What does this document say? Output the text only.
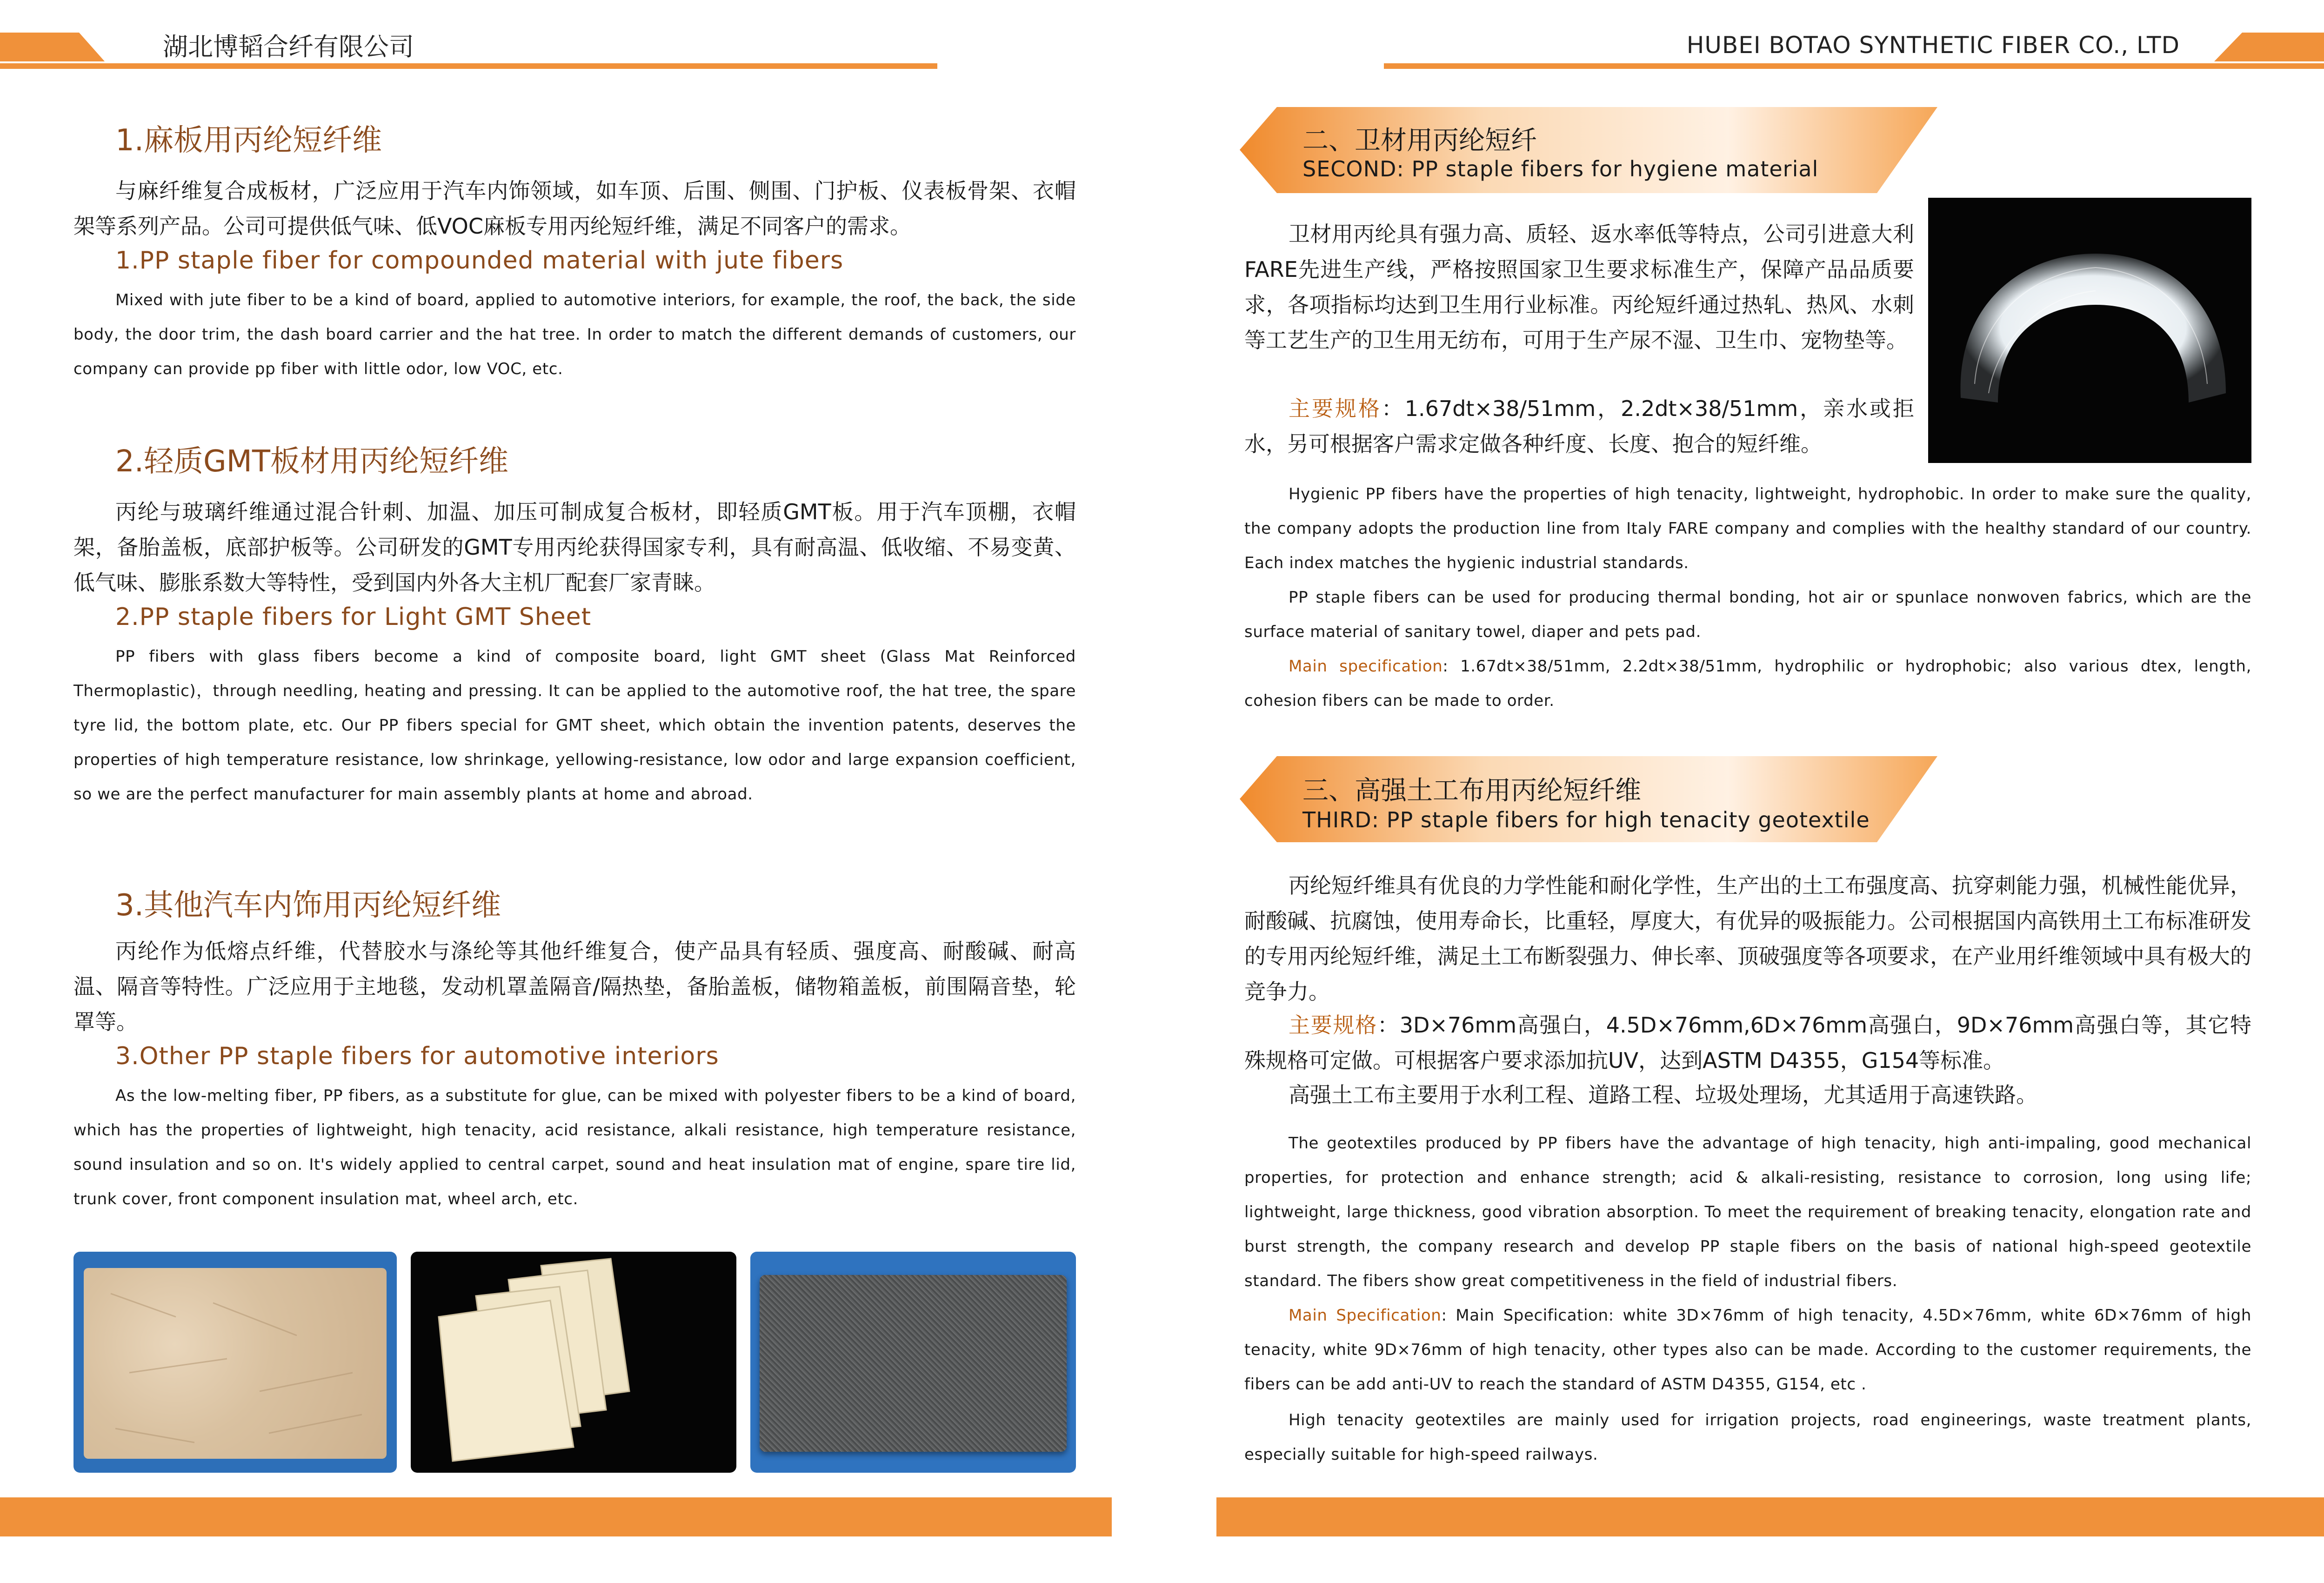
湖北博韬合纤有限公司	HUBEI BOTAO SYNTHETIC FIBER CO., LTD
1.麻板用丙纶短纤维
与麻纤维复合成板材，广泛应用于汽车内饰领域，如车顶、后围、侧围、门护板、仪表板骨架、衣帽架等系列产品。公司可提供低气味、低VOC麻板专用丙纶短纤维，满足不同客户的需求。
1.PP staple fiber for compounded material with jute fibers
Mixed with jute fiber to be a kind of board, applied to automotive interiors, for example, the roof, the back, the side body, the door trim, the dash board carrier and the hat tree. In order to match the different demands of customers, our company can provide pp fiber with little odor, low VOC, etc.
2.轻质GMT板材用丙纶短纤维
丙纶与玻璃纤维通过混合针刺、加温、加压可制成复合板材，即轻质GMT板。用于汽车顶棚，衣帽架，备胎盖板，底部护板等。公司研发的GMT专用丙纶获得国家专利，具有耐高温、低收缩、不易变黄、低气味、膨胀系数大等特性，受到国内外各大主机厂配套厂家青睐。
2.PP staple fibers for Light GMT Sheet
PP fibers with glass fibers become a kind of composite board, light GMT sheet (Glass Mat Reinforced Thermoplastic)，through needling, heating and pressing. It can be applied to the automotive roof, the hat tree, the spare tyre lid, the bottom plate, etc. Our PP fibers special for GMT sheet, which obtain the invention patents, deserves the properties of high temperature resistance, low shrinkage, yellowing-resistance, low odor and large expansion coefficient, so we are the perfect manufacturer for main assembly plants at home and abroad.
3.其他汽车内饰用丙纶短纤维
丙纶作为低熔点纤维，代替胶水与涤纶等其他纤维复合，使产品具有轻质、强度高、耐酸碱、耐高温、隔音等特性。广泛应用于主地毯，发动机罩盖隔音/隔热垫，备胎盖板，储物箱盖板，前围隔音垫，轮罩等。
3.Other PP staple fibers for automotive interiors
As the low-melting fiber, PP fibers, as a substitute for glue, can be mixed with polyester fibers to be a kind of board, which has the properties of lightweight, high tenacity, acid resistance, alkali resistance, high temperature resistance, sound insulation and so on. It's widely applied to central carpet, sound and heat insulation mat of engine, spare tire lid, trunk cover, front component insulation mat, wheel arch, etc.
二、卫材用丙纶短纤
SECOND: PP staple fibers for hygiene material
卫材用丙纶具有强力高、质轻、返水率低等特点，公司引进意大利FARE先进生产线，严格按照国家卫生要求标准生产，保障产品品质要求，各项指标均达到卫生用行业标准。丙纶短纤通过热轧、热风、水刺等工艺生产的卫生用无纺布，可用于生产尿不湿、卫生巾、宠物垫等。
主要规格：1.67dt×38/51mm，2.2dt×38/51mm，亲水或拒水，另可根据客户需求定做各种纤度、长度、抱合的短纤维。
Hygienic PP fibers have the properties of high tenacity, lightweight, hydrophobic. In order to make sure the quality, the company adopts the production line from Italy FARE company and complies with the healthy standard of our country. Each index matches the hygienic industrial standards.
PP staple fibers can be used for producing thermal bonding, hot air or spunlace nonwoven fabrics, which are the surface material of sanitary towel, diaper and pets pad.
Main specification: 1.67dt×38/51mm, 2.2dt×38/51mm, hydrophilic or hydrophobic; also various dtex, length, cohesion fibers can be made to order.
三、高强土工布用丙纶短纤维
THIRD: PP staple fibers for high tenacity geotextile
丙纶短纤维具有优良的力学性能和耐化学性，生产出的土工布强度高、抗穿刺能力强，机械性能优异，耐酸碱、抗腐蚀，使用寿命长，比重轻，厚度大，有优异的吸振能力。公司根据国内高铁用土工布标准研发的专用丙纶短纤维，满足土工布断裂强力、伸长率、顶破强度等各项要求，在产业用纤维领域中具有极大的竞争力。
主要规格：3D×76mm高强白，4.5D×76mm,6D×76mm高强白，9D×76mm高强白等，其它特殊规格可定做。可根据客户要求添加抗UV，达到ASTM D4355，G154等标准。
高强土工布主要用于水利工程、道路工程、垃圾处理场，尤其适用于高速铁路。
The geotextiles produced by PP fibers have the advantage of high tenacity, high anti-impaling, good mechanical properties, for protection and enhance strength; acid & alkali-resisting, resistance to corrosion, long using life; lightweight, large thickness, good vibration absorption. To meet the requirement of breaking tenacity, elongation rate and burst strength, the company research and develop PP staple fibers on the basis of national high-speed geotextile standard. The fibers show great competitiveness in the field of industrial fibers.
Main Specification: Main Specification: white 3D×76mm of high tenacity, 4.5D×76mm, white 6D×76mm of high tenacity, white 9D×76mm of high tenacity, other types also can be made. According to the customer requirements, the fibers can be add anti-UV to reach the standard of ASTM D4355, G154, etc .
High tenacity geotextiles are mainly used for irrigation projects, road engineerings, waste treatment plants, especially suitable for high-speed railways.
